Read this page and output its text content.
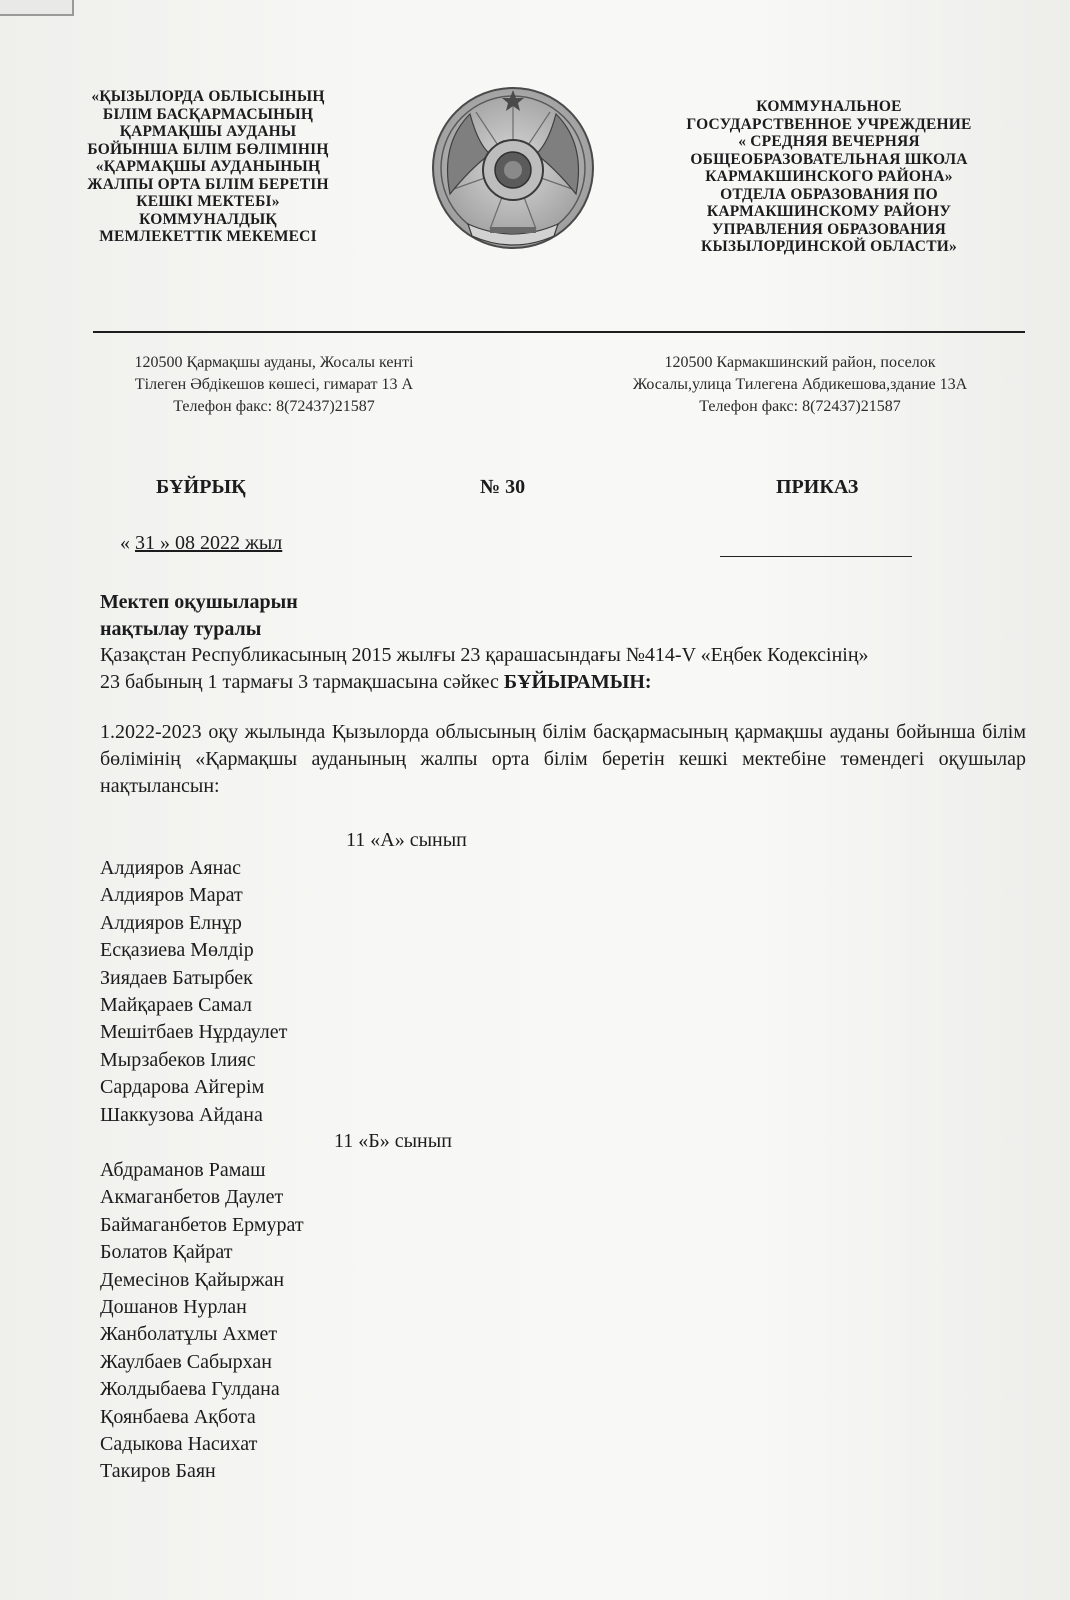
«ҚЫЗЫЛОРДА ОБЛЫСЫНЫҢ
БІЛІМ БАСҚАРМАСЫНЫҢ
ҚАРМАҚШЫ АУДАНЫ
БОЙЫНША БІЛІМ БӨЛІМІНІҢ
«ҚАРМАҚШЫ АУДАНЫНЫҢ
ЖАЛПЫ ОРТА БІЛІМ БЕРЕТІН
КЕШКІ МЕКТЕБІ»
КОММУНАЛДЫҚ
МЕМЛЕКЕТТІК МЕКЕМЕСІ
КОММУНАЛЬНОЕ
ГОСУДАРСТВЕННОЕ УЧРЕЖДЕНИЕ
« СРЕДНЯЯ ВЕЧЕРНЯЯ
ОБЩЕОБРАЗОВАТЕЛЬНАЯ ШКОЛА
КАРМАКШИНСКОГО РАЙОНА»
ОТДЕЛА ОБРАЗОВАНИЯ ПО
КАРМАКШИНСКОМУ РАЙОНУ
УПРАВЛЕНИЯ ОБРАЗОВАНИЯ
КЫЗЫЛОРДИНСКОЙ ОБЛАСТИ»
120500 Қармақшы ауданы, Жосалы кенті
Тілеген Әбдікешов көшесі, гимарат 13 А
Телефон факс: 8(72437)21587
120500 Кармакшинский район, поселок
Жосалы,улица Тилегена Абдикешова,здание 13А
Телефон факс: 8(72437)21587
БҰЙРЫҚ	№ 30	ПРИКАЗ
« 31 » 08 2022 жыл
Мектеп оқушыларын
нақтылау туралы
Қазақстан Республикасының 2015 жылғы 23 қарашасындағы №414-V «Еңбек Кодексінің»
23 бабының 1 тармағы 3 тармақшасына сәйкес БҰЙЫРАМЫН:
1.2022-2023 оқу жылында Қызылорда облысының білім басқармасының қармақшы ауданы бойынша білім бөлімінің «Қармақшы ауданының жалпы орта білім беретін кешкі мектебіне төмендегі оқушылар нақтылансын:
11 «А» сынып
Алдияров Аянас
Алдияров Марат
Алдияров Елнұр
Есқазиева Мөлдір
Зиядаев Батырбек
Майқараев Самал
Мешітбаев Нұрдаулет
Мырзабеков Ілияс
Сардарова Айгерім
Шаккузова Айдана
11 «Б» сынып
Абдраманов Рамаш
Акмаганбетов Даулет
Баймаганбетов Ермурат
Болатов Қайрат
Демесінов Қайыржан
Дошанов Нурлан
Жанболатұлы Ахмет
Жаулбаев Сабырхан
Жолдыбаева Гулдана
Қоянбаева Ақбота
Садыкова Насихат
Такиров Баян
